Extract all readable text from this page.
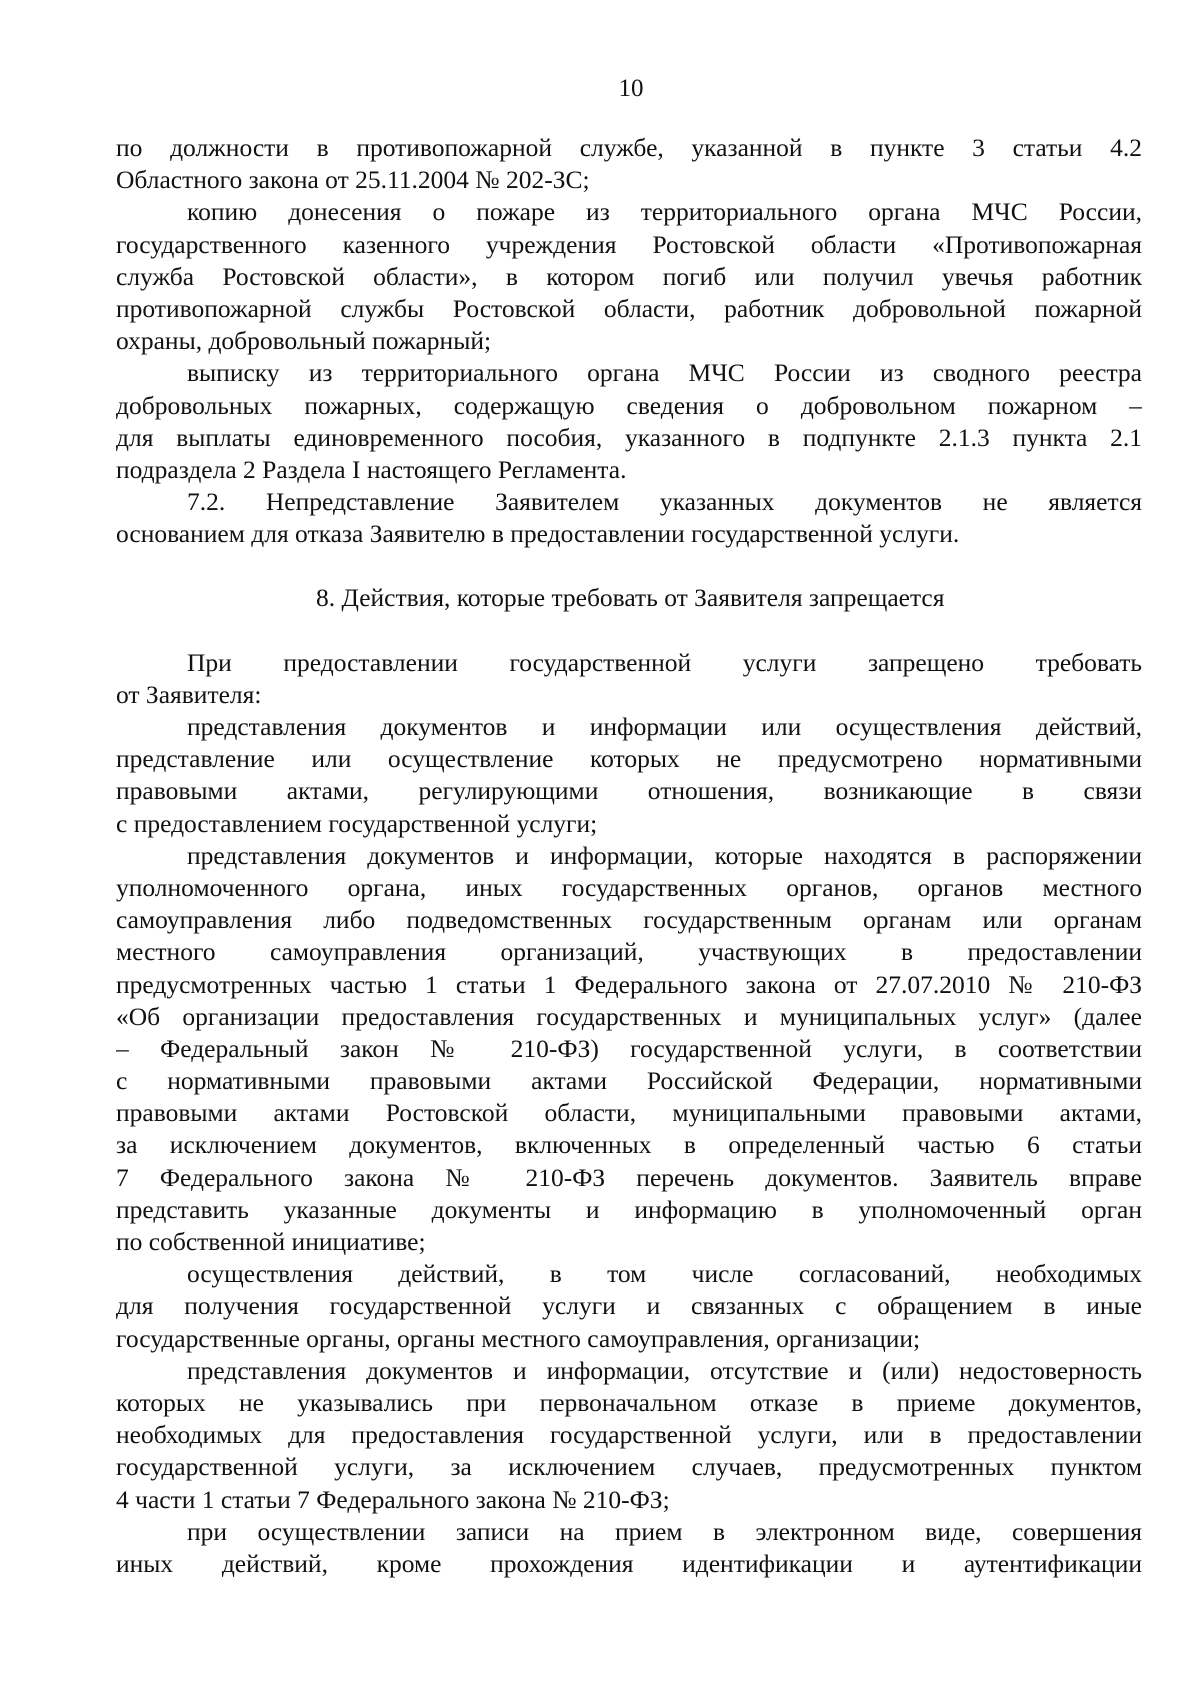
10
по должности в противопожарной службе, указанной в пункте 3 статьи 4.2
Областного закона от 25.11.2004 № 202-ЗС;
копию донесения о пожаре из территориального органа МЧС России,
государственного казенного учреждения Ростовской области «Противопожарная
служба Ростовской области», в котором погиб или получил увечья работник
противопожарной службы Ростовской области, работник добровольной пожарной
охраны, добровольный пожарный;
выписку из территориального органа МЧС России из сводного реестра
добровольных пожарных, содержащую сведения о добровольном пожарном –
для выплаты единовременного пособия, указанного в подпункте 2.1.3 пункта 2.1
подраздела 2 Раздела I настоящего Регламента.
7.2. Непредставление Заявителем указанных документов не является
основанием для отказа Заявителю в предоставлении государственной услуги.
8. Действия, которые требовать от Заявителя запрещается
При предоставлении государственной услуги запрещено требовать
от Заявителя:
представления документов и информации или осуществления действий,
представление или осуществление которых не предусмотрено нормативными
правовыми актами, регулирующими отношения, возникающие в связи
с предоставлением государственной услуги;
представления документов и информации, которые находятся в распоряжении
уполномоченного органа, иных государственных органов, органов местного
самоуправления либо подведомственных государственным органам или органам
местного самоуправления организаций, участвующих в предоставлении
предусмотренных частью 1 статьи 1 Федерального закона от 27.07.2010 № 210-ФЗ
«Об организации предоставления государственных и муниципальных услуг» (далее
– Федеральный закон № 210-ФЗ) государственной услуги, в соответствии
с нормативными правовыми актами Российской Федерации, нормативными
правовыми актами Ростовской области, муниципальными правовыми актами,
за исключением документов, включенных в определенный частью 6 статьи
7 Федерального закона № 210-ФЗ перечень документов. Заявитель вправе
представить указанные документы и информацию в уполномоченный орган
по собственной инициативе;
осуществления действий, в том числе согласований, необходимых
для получения государственной услуги и связанных с обращением в иные
государственные органы, органы местного самоуправления, организации;
представления документов и информации, отсутствие и (или) недостоверность
которых не указывались при первоначальном отказе в приеме документов,
необходимых для предоставления государственной услуги, или в предоставлении
государственной услуги, за исключением случаев, предусмотренных пунктом
4 части 1 статьи 7 Федерального закона № 210-ФЗ;
при осуществлении записи на прием в электронном виде, совершения
иных действий, кроме прохождения идентификации и аутентификации
